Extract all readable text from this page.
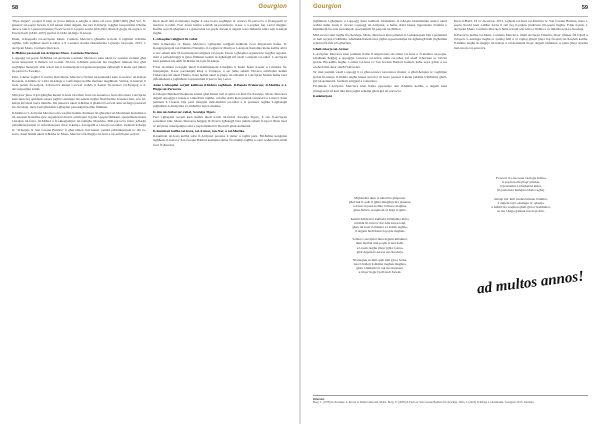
58	Gourgion

"Pipe Organ", proġett li kien se jiswa miljun u sebgħa u sittin elf ewro (€867,000) għal Vol. Il-ġeneroż tal-poplu Xewki, li kif kienet minn dejjem, ma tatx il-fiduċja, reġgħet issoprendiet b'ħafna aktar u tant li l-pastorali kienet f'wiċċ kotra li l-poplu xewki jafda fiha. Illum il-ġrajja tal-orgni u ta' Pawlu Karli (1846–1937) ġarrbet il-bidla tal-ħajja fl-istorja.

Illum, il-Kappella tal-Arċipriet Mons. Carmelo Mercieca għandha ir-rieda li tagħmel il-ħidma tagħha, billi tagħmel ukoll ir-raħal, u li s-sunnat storiku tikkonferma l-grazzja tal-poplu. 2015, l-Arċipriet Mons. Carmelo Mercieca.

Il-Ħidma pastorali tal-Arċipriet Mons. Carmelo Mercieca

L-appoġġ tal-poplu fil-ħidma tal-Arċipriet Carmelo Mercieca kien ukoll ta' sostenn ewlieni għal bosta inizjattivi li tħallew tul is-snin. Fil-fatt, il-ħidma pastorali ma baqgħetx limitata biss għal xogħlijiet materjali, iżda wkoll fuq il-formazzjoni tal-ġenerazzjonijiet żgħażagħ li kienu qed jikbru fil-parroċċa Xewkija.

Però, l-akbar xogħol li wettaq Dun Mons. Mercieca fil-bini tal-komunità kien ir-restawr tal-Knisja Rotonda, il-ħidma ta' l-Ittri tal-knisja u l-attivitajiet kollha marbuta magħhom. Vebnat, il-kunċett li beda jeżisti fis-soċjetà, il-Parroċċa kienet l-ewwel waħda li ħasbet fir-restawr tal-ħwejjeġ u d-devozzjonijiet antiki.

Min jista' jinsa li ġol-ġimgħat kienet il-festa tal-Għid, festa tal-Assunta u festi oħra meta l-Arċipriet kien ikun fuq quddiem sabiex jagħti l-eżempju bis-sehem tiegħu f'kull ħidma li kienet issir, sew fil-knisja kif ukoll barra minnha. Ma ninsewx ukoll il-ħidma li għamel fl-ewwel snin tal-ħajja pastorali fix-Xewkija, meta beda jħaddem l-għaqdiet parrokkjali kollha flimkien.

Il-ħidma ta' l-Arċipriet Mercieca ma waqfitx hemm. Permezz tal-għaqdiet tal-Moviment Kattoliku u tal-Azzjoni Kattolika ġew organizzati diversi attivitajiet li ġabu l-poplu flimkien, speċjalment matul l-istaġun tal-festa, fil-Milied u fl-okkażjonijiet tal-Ġimgħa Mqaddsa. Mill-parroċċa bdew joħorġu pubblikazzjonijiet ta' informazzjoni dwar il-knisja, il-kappelli u l-istorja tar-raħal, fosthom il-ħarġa ta' "Il-Knisja ta' San Ġwann Battista" li għal żmien twil kienet l-unika pubblikazzjoni ta' din ix-xorta. Kien hemm ukoll il-ħidma ta' Mons. Mercieca fit-tħejjija tal-festi u tal-attivitajiet soċjali.

Kien ukoll taħt it-tmexxija tiegħu li saru bosta xogħlijiet ta' restawr fil-parroċċa u fil-kappelli ta' madwar ir-raħal. Fost dawn insibu t-tisbiħ tal-presbiterju, il-kor u x-xogħol fuq l-artal maġġur. Kollha saru bl-għajnuna u l-ġenerożità tal-poplu Xewki li dejjem wera imħabba kbira lejn il-knisja tiegħu.

L-Għaqdiet reliġjużi fir-raħal

Taħt it-tmexxija ta' Mons. Mercieca l-għaqdiet reliġjużi kellhom rwol importanti ħafna. Il-Kongregazzjoni tad-Duttrina Nisranija, il-Leġjun ta' Marija u l-Azzjoni Kattolika kienu kollha attivi u taw sehem kbir fil-formazzjoni reliġjuża tal-poplu. Dawn l-għaqdiet organizzaw laqgħat regolari, ritiri u pellegrinaġġi li ġabu flimkien kemm iż-żgħażagħ kif ukoll l-anzjani tar-raħal. L-Arċipriet kien jemmen bis-sħiħ fil-ħidma tal-lajċi fil-knisja.

F'dan iż-żmien twaqqfet ukoll il-Kummissjoni Liturġika li ħadet ħsieb il-kant u l-mużika fil-funzjonijiet. Il-kor parrokkjali kiber u żviluppa, u sar jieħu sehem f'diversi attivitajiet kemm f'Għawdex kif ukoll f'Malta. Kien hemm ukoll il-grupp tal-abbatini li l-Arċipriet ħadem ħafna biex jifformahom u jagħtihom l-opportunità li jservu fuq l-artal.

Anke l-Għaqdiet soċjali kellhom il-ħidma tagħhom. Il-Banda Prekursur, il-Mużika u l-Ħajja tal-Parroċċa

Il-Għaqda Mużikali Prekursur kienet għal żmien twil il-qalba tal-festi fix-Xewkija. Mons. Mercieca dejjem appoġġja l-banda u l-mużiċisti tagħha, u ħafna drabi kien jattendi l-kunċerti u l-marċi. Kien jemmen li l-banda hija parti integrali mill-identità tar-raħal u li permezz tagħha ż-żgħażagħ jitgħallmu d-dixxiplina u l-imħabba lejn il-mużika.

It-tim tal-futbol tar-raħal, Xewkija Tigers

Fost l-għaqdiet soċjali kien hemm ukoll it-tim tal-futbol Xewkija Tigers, li sab fl-Arċipriet sostenitur kbir. Mons. Mercieca ħeġġeġ lil diversi żgħażagħ biex jieħdu sehem fl-isport bħala mod ta' kif jibnu relazzjonijiet sani u jaqdu ħinhom b'mod utli għall-komunità.

Il-Kumitati kollha tal-festa, tal-Armar, tan-Nar, u tal-Mużika

Il-kumitati tal-festa kollha sabu fl-Arċipriet persuna li tisma' u tagħti parir. Bil-ħidma konġunta tagħhom, il-festa ta' San Ġwann Battista kompliet tikber fis-sbuħija tagħha u saret waħda mill-isbaħ festi f'Għawdex.

Gourgion	59

jagħtihom l-għajnuna u l-appoġġ meta kellhom bżonnhom. Il-Għaqda Drammatika kienet ukoll waħda minn dawk li rċeviet l-appoġġ tal-Arċipriet, u ħafna drabi kienet tippreżenta drammi u kummiedji fis-sala parrokkjali, speċjalment fil-perjodu tal-Milied.

Mill-ewwel snin tiegħu fix-Xewkija, Mons. Mercieca kien jemmen li l-edukazzjoni hija l-pedament ta' kull soċjetà b'saħħitha. Għalhekk ħadem biex jagħti opportunitajiet liż-żgħażagħ ħalli jitgħallmu u jikbru fil-fidi u fl-għarfien.

Għall-Glorja tal-Armar

L-Arċipriet Mercieca kien jemmen ħafna fl-importanza tal-armar tal-festa u fl-identità tal-poplu. Għalhekk ħeġġeġ u appoġġja r-restawr tal-armar antik tar-raħal, kif ukoll il-ħolqien ta' biċċiet ġodda. Bis-saħħa tiegħu, l-armar tal-festa ta' San Ġwann Battista kompla jieħu xejra ġdida u sar wieħed mill-aktar sbieħ f'Għawdex.

Ta' min jsemmi wkoll l-appoġġ li ta għar-restawr tal-istatwa titulari, u għall-ħolqien ta' xogħlijiet ġodda fil-knisja. Il-ħidma tiegħu kienet tinvolvi lil bosta persuni li kienu jaħdmu b'imħabba għall-ġid tal-komunità, fosthom artiġjani u voluntiera.

Fit-tmiem, l-Arċipriet Mercieca kien ħafna jappreżżja dan il-ħidma kollha, u dejjem kien jirringrazzja lil kull min kien jagħti sehemu għall-ġid tal-parroċċa.

Konklużjoni

Kien il-Ħadd, 18 ta' Awwissu, 2015, l-għada tal-festa tal-Martirju ta' San Ġwann Battista, meta l-poplu Xewki kien l-aħħar darba li rah fuq il-pulptu jindirizza lill-poplu tiegħu. F'dak il-jum, l-Arċipriet Mons. Carmelo Mercieca ħalla warajh wirt kbir ta' ħidma u ta' mħabba lejn ix-Xewkija.

Il-Parroċċa kollha tal-Mons. Carmelo Mercieca, illum Arċipriet Emeritu, tibqa' tiftakar fih b'ġieħ u b'rispett. L-eżempju tiegħu ta' qaddej fidil u ta' ragħaj għaqli jibqa' ħaj fil-qlub tal-Xewkin kollha. Il-ħidma tiegħu fit-tħejjija tal-Knisja u tal-komunità tibqa' dejjem imfakkra, u ismu jibqa' marbut mal-istorja tal-parroċċa.

Mijhandux ikun ir-raħal bla għajnuna,
għal dak il-qalb li jgħin mingħajr ma jistenna,
u dawk il-passi kollha li mxew magħna,
għax ħallew warajhom xi ħaġa li tgħix.

Kemm ħdimt ma' kulħadd b'imħabba kbira,
u ħdimt fil-bini ta' dar Alla hawn isfel,
għax int kont il-missier u l-ħabib tagħna,
li dejjem ħadt ħsieb il-poplu tiegħek.

Sabiex l-Arċipriet ikun dejjem imfakkar,
ikun marbut mal-poplu li tant ħabb,
u l-isem tiegħu jibqa' jgħix fostna,
għal dejjem fl-istorja taż-Xewkija.

Nixtieqlek sa mill-qalb kull ġid u barka,
issa li ħallejt il-ħidma tiegħek magħna,
għax l-imħabba li tajt ma tintesiex,
u tibqa' ħajja f'qalb kull Xewki.

F'ewwel li s-successi tal-ħajja kollha,
il-poplu kollu jibqa' jiftakar,
b'gratitudni u b'imħabba kbira,
fil-jum meta ħallejtna bħala ragħaj.

Imxejt ma' kull wieħed minna b'umiltà,
u dejjem tajt l-eżempju ta' qdusija,
u ħdimt bla waqfien għall-ġid ta' ħaddieħor,
sa ma l-ħajja ġabitek lura lejn Alla.

ad multos annos!
Riferenzi
Borg, J. (1978) Ix-Xewkija: L-Istorja ta' Raħal Għawdxi, Malta. Borg, E. (2005) Il-Festa ta' San Ġwann Battista fix-Xewkija. Vella, J. (2013) Il-Knisja u l-Komunità, Gourgion 2013, Xewkija.
